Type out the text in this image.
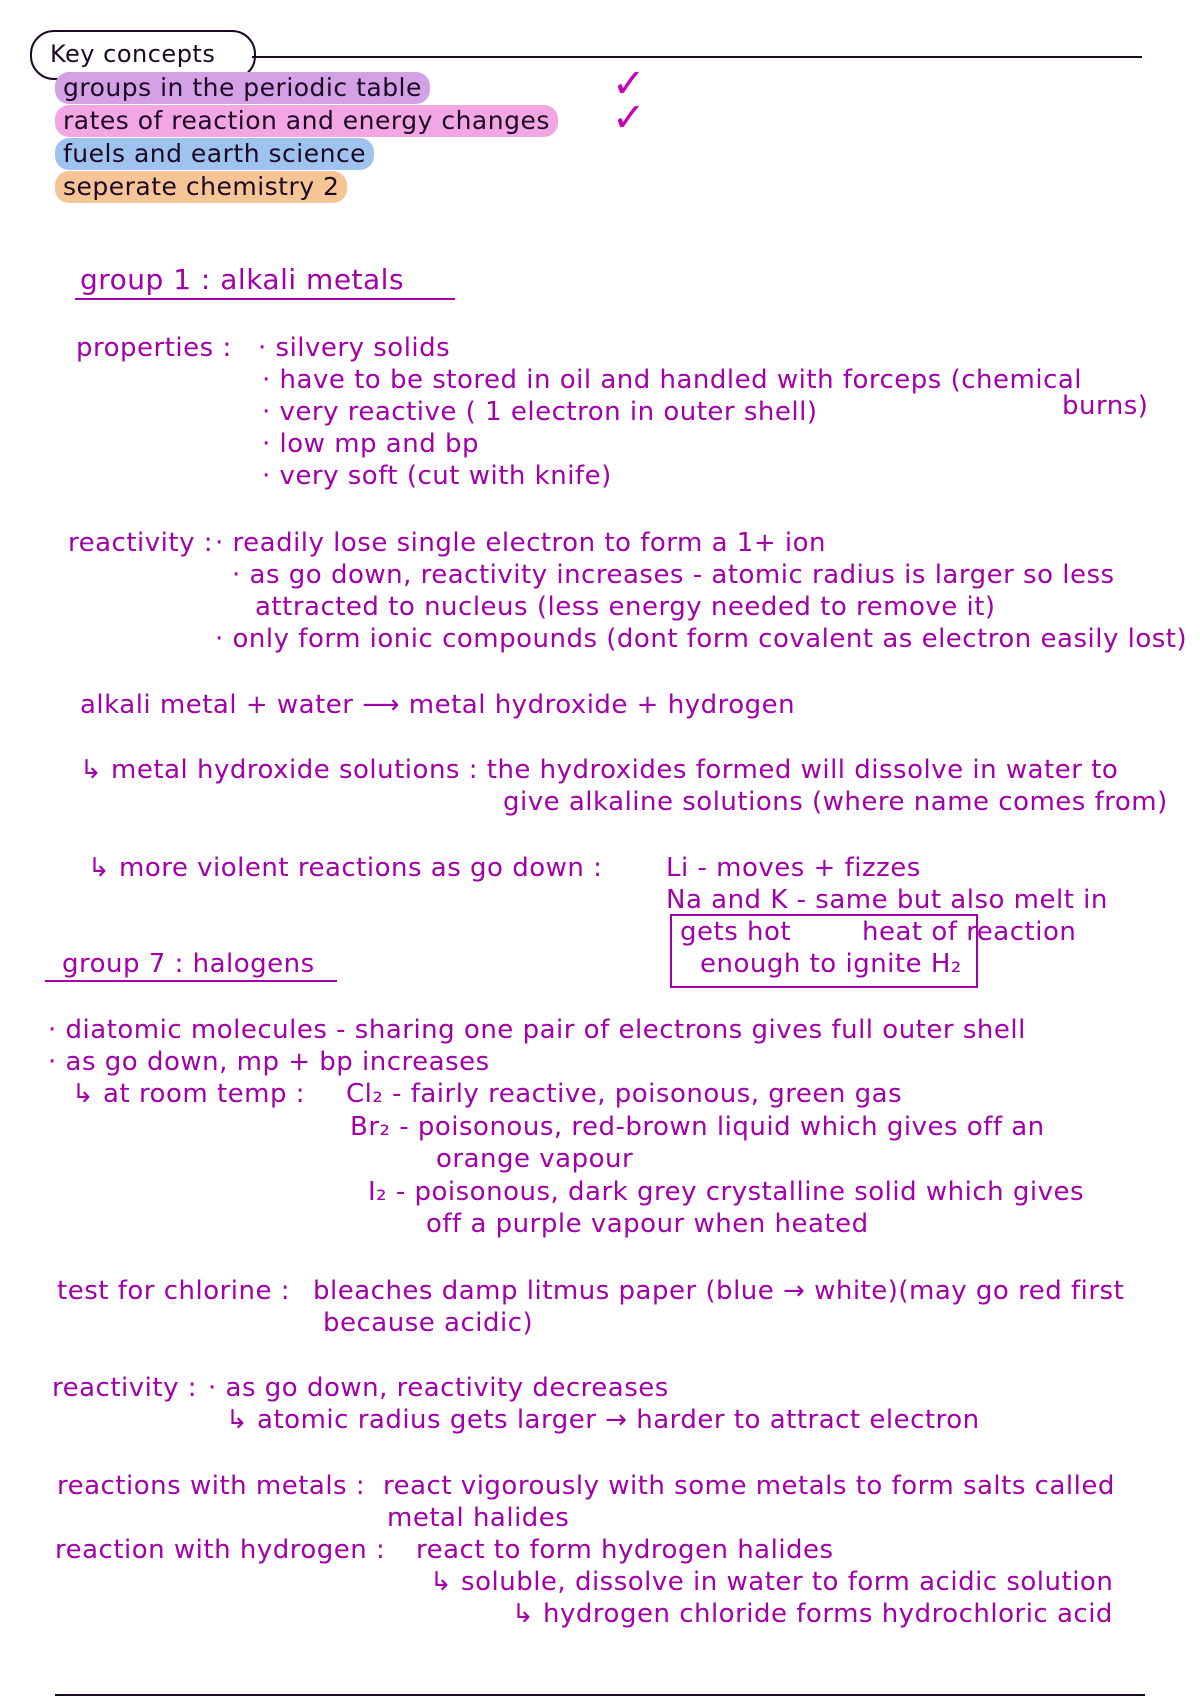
Key concepts
groups in the periodic table
rates of reaction and energy changes
fuels and earth science
seperate chemistry 2
✓
✓
group 1 : alkali metals
properties : · silvery solids
· have to be stored in oil and handled with forceps (chemical
burns)
· very reactive ( 1 electron in outer shell)
· low mp and bp
· very soft (cut with knife)
reactivity : · readily lose single electron to form a 1+ ion
· as go down, reactivity increases - atomic radius is larger so less
attracted to nucleus (less energy needed to remove it)
· only form ionic compounds (dont form covalent as electron easily lost)
alkali metal + water ⟶ metal hydroxide + hydrogen
↳ metal hydroxide solutions : the hydroxides formed will dissolve in water to
give alkaline solutions (where name comes from)
↳ more violent reactions as go down : Li - moves + fizzes
Na and K - same but also melt in
heat of reaction
gets hot
enough to ignite H₂
group 7 : halogens
· diatomic molecules - sharing one pair of electrons gives full outer shell
· as go down, mp + bp increases
↳ at room temp : Cl₂ - fairly reactive, poisonous, green gas
Br₂ - poisonous, red-brown liquid which gives off an
orange vapour
I₂ - poisonous, dark grey crystalline solid which gives
off a purple vapour when heated
test for chlorine : bleaches damp litmus paper (blue → white)(may go red first
because acidic)
reactivity : · as go down, reactivity decreases
↳ atomic radius gets larger → harder to attract electron
reactions with metals : react vigorously with some metals to form salts called
metal halides
reaction with hydrogen : react to form hydrogen halides
↳ soluble, dissolve in water to form acidic solution
↳ hydrogen chloride forms hydrochloric acid
